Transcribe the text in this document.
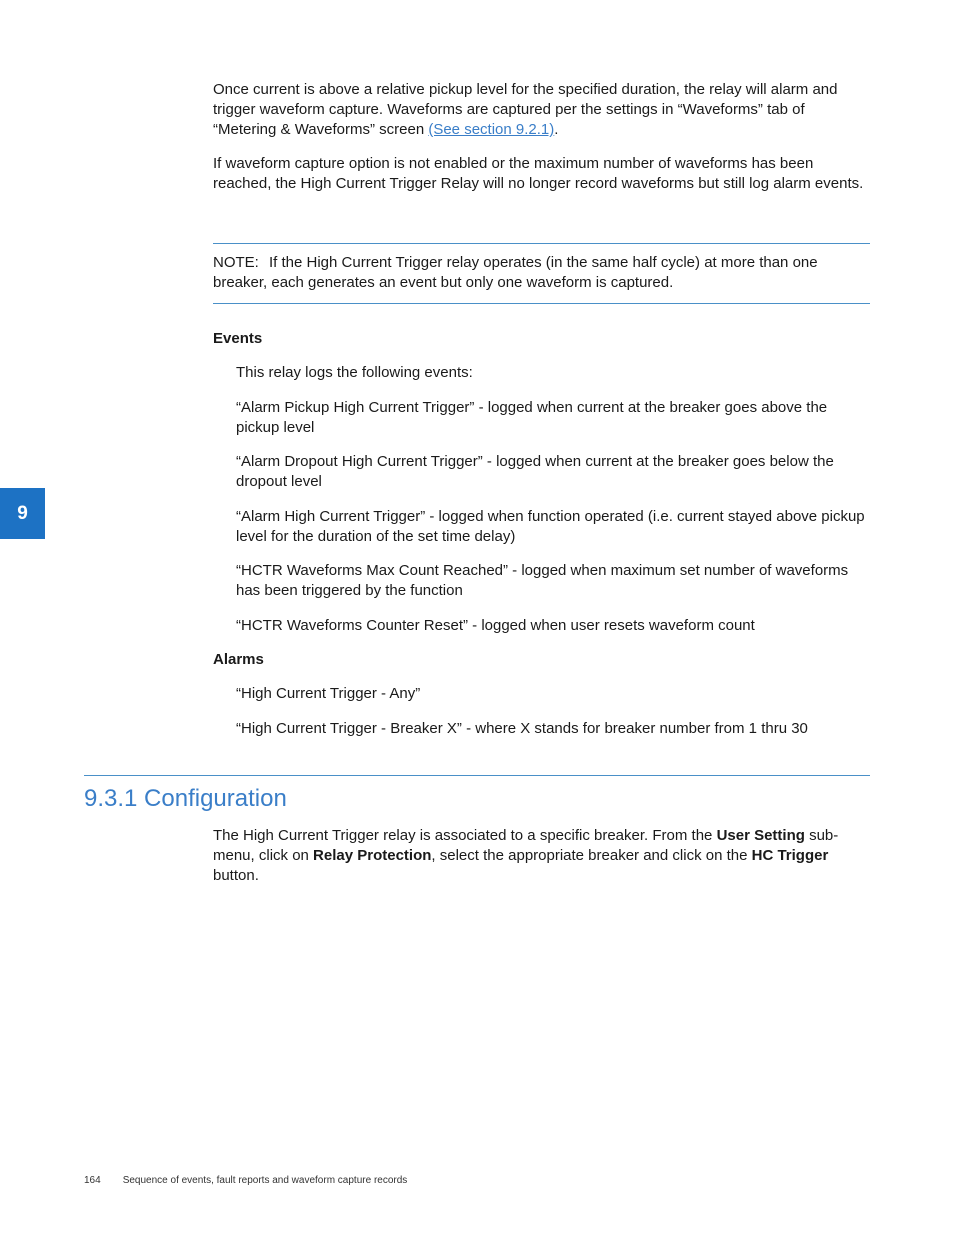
Once current is above a relative pickup level for the specified duration, the relay will alarm and trigger waveform capture. Waveforms are captured per the settings in “Waveforms” tab of “Metering & Waveforms” screen (See section 9.2.1).

If waveform capture option is not enabled or the maximum number of waveforms has been reached, the High Current Trigger Relay will no longer record waveforms but still log alarm events.

NOTE: If the High Current Trigger relay operates (in the same half cycle) at more than one breaker, each generates an event but only one waveform is captured.

Events

This relay logs the following events:

“Alarm Pickup High Current Trigger” - logged when current at the breaker goes above the pickup level

“Alarm Dropout High Current Trigger” - logged when current at the breaker goes below the dropout level

“Alarm High Current Trigger” - logged when function operated (i.e. current stayed above pickup level for the duration of the set time delay)

“HCTR Waveforms Max Count Reached” - logged when maximum set number of waveforms has been triggered by the function

“HCTR Waveforms Counter Reset” - logged when user resets waveform count

Alarms

“High Current Trigger - Any”

“High Current Trigger - Breaker X” - where X stands for breaker number from 1 thru 30

9.3.1 Configuration

The High Current Trigger relay is associated to a specific breaker. From the User Setting sub-menu, click on Relay Protection, select the appropriate breaker and click on the HC Trigger button.

9
164 Sequence of events, fault reports and waveform capture records
